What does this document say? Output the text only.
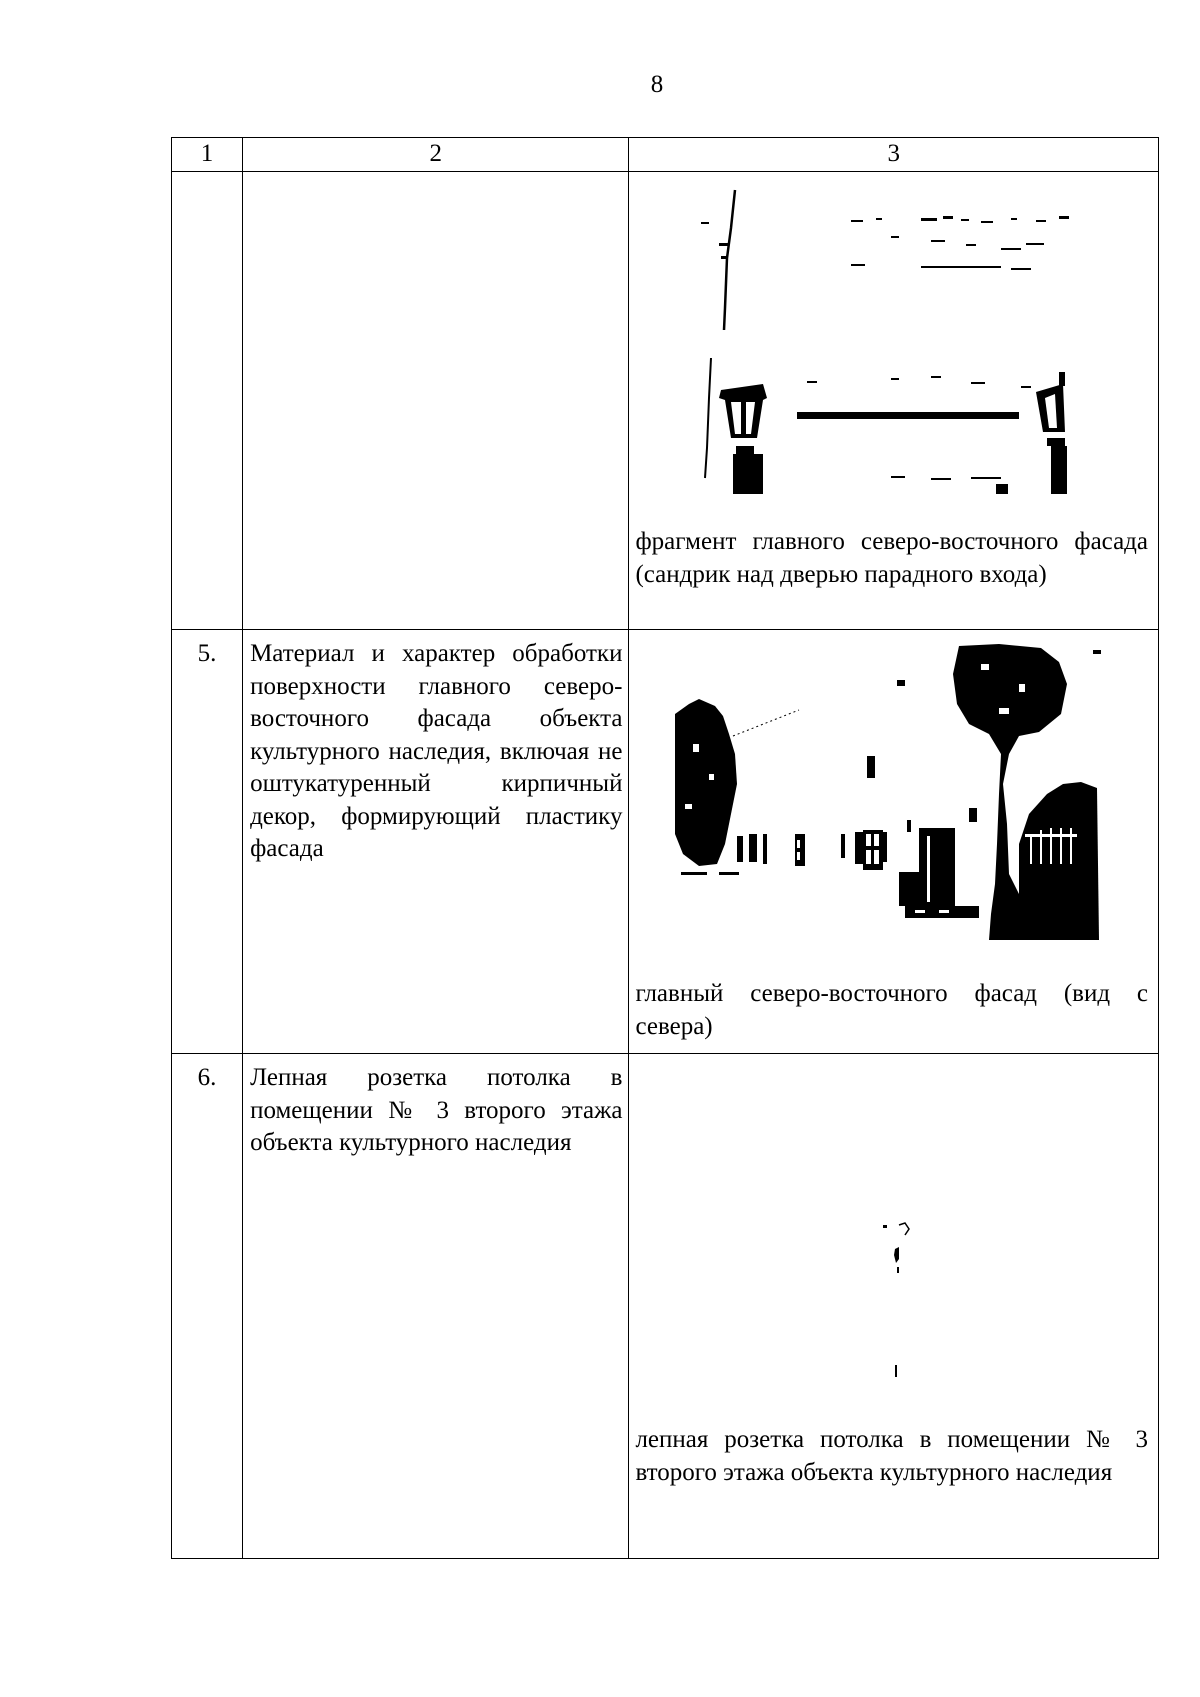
8
1	2	3

		фрагмент главного северо-восточного фасада (сандрик над дверью парадного входа)

5.	Материал и характер обработки поверхности главного северо-восточного фасада объекта культурного наследия, включая не оштукатуренный кирпичный декор, формирующий пластику фасада	главный северо-восточного фасад (вид с севера)

6.	Лепная розетка потолка в помещении № 3 второго этажа объекта культурного наследия	лепная розетка потолка в помещении № 3 второго этажа объекта культурного наследия
